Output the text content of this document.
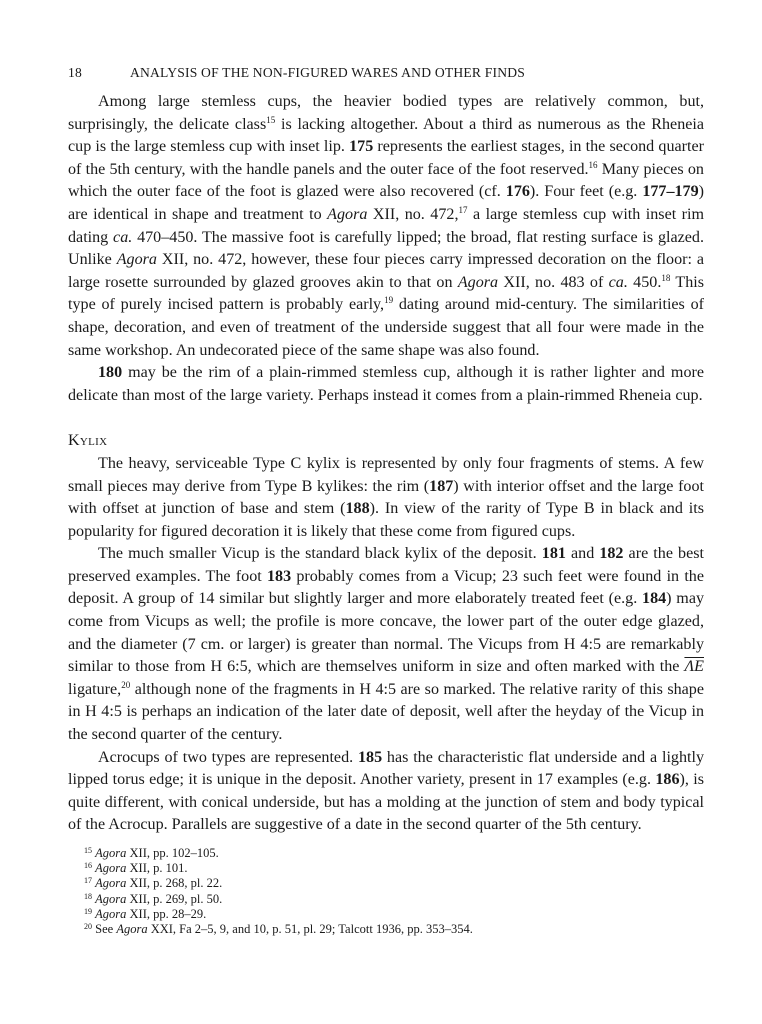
18	ANALYSIS OF THE NON-FIGURED WARES AND OTHER FINDS

Among large stemless cups, the heavier bodied types are relatively common, but, surprisingly, the delicate class$^{15}$ is lacking altogether. About a third as numerous as the Rheneia cup is the large stemless cup with inset lip. 175 represents the earliest stages, in the second quarter of the 5th century, with the handle panels and the outer face of the foot reserved.$^{16}$ Many pieces on which the outer face of the foot is glazed were also recovered (cf. 176). Four feet (e.g. 177–179) are identical in shape and treatment to Agora XII, no. 472,17 a large stemless cup with inset rim dating ca. 470–450. The massive foot is carefully lipped; the broad, flat resting surface is glazed. Unlike Agora XII, no. 472, however, these four pieces carry impressed decoration on the floor: a large rosette surrounded by glazed grooves akin to that on Agora XII, no. 483 of ca. 450.18 This type of purely incised pattern is probably early,$^{19}$ dating around mid-century. The similarities of shape, decoration, and even of treatment of the underside suggest that all four were made in the same workshop. An undecorated piece of the same shape was also found.

180 may be the rim of a plain-rimmed stemless cup, although it is rather lighter and more delicate than most of the large variety. Perhaps instead it comes from a plain-rimmed Rheneia cup.

Kylix

The heavy, serviceable Type C kylix is represented by only four fragments of stems. A few small pieces may derive from Type B kylikes: the rim (187) with interior offset and the large foot with offset at junction of base and stem (188). In view of the rarity of Type B in black and its popularity for figured decoration it is likely that these come from figured cups.

The much smaller Vicup is the standard black kylix of the deposit. 181 and 182 are the best preserved examples. The foot 183 probably comes from a Vicup; 23 such feet were found in the deposit. A group of 14 similar but slightly larger and more elaborately treated feet (e.g. 184) may come from Vicups as well; the profile is more concave, the lower part of the outer edge glazed, and the diameter (7 cm. or larger) is greater than normal. The Vicups from H 4:5 are remarkably similar to those from H 6:5, which are themselves uniform in size and often marked with the $\overline{\Lambda E}$ ligature,$^{20}$ although none of the fragments in H 4:5 are so marked. The relative rarity of this shape in H 4:5 is perhaps an indication of the later date of deposit, well after the heyday of the Vicup in the second quarter of the century.

Acrocups of two types are represented. 185 has the characteristic flat underside and a lightly lipped torus edge; it is unique in the deposit. Another variety, present in 17 examples (e.g. 186), is quite different, with conical underside, but has a molding at the junction of stem and body typical of the Acrocup. Parallels are suggestive of a date in the second quarter of the 5th century.

$^{15}$ Agora XII, pp. 102–105.
$^{16}$ Agora XII, p. 101.
$^{17}$ Agora XII, p. 268, pl. 22.
$^{18}$ Agora XII, p. 269, pl. 50.
$^{19}$ Agora XII, pp. 28–29.
$^{20}$ See Agora XXI, Fa 2–5, 9, and 10, p. 51, pl. 29; Talcott 1936, pp. 353–354.
